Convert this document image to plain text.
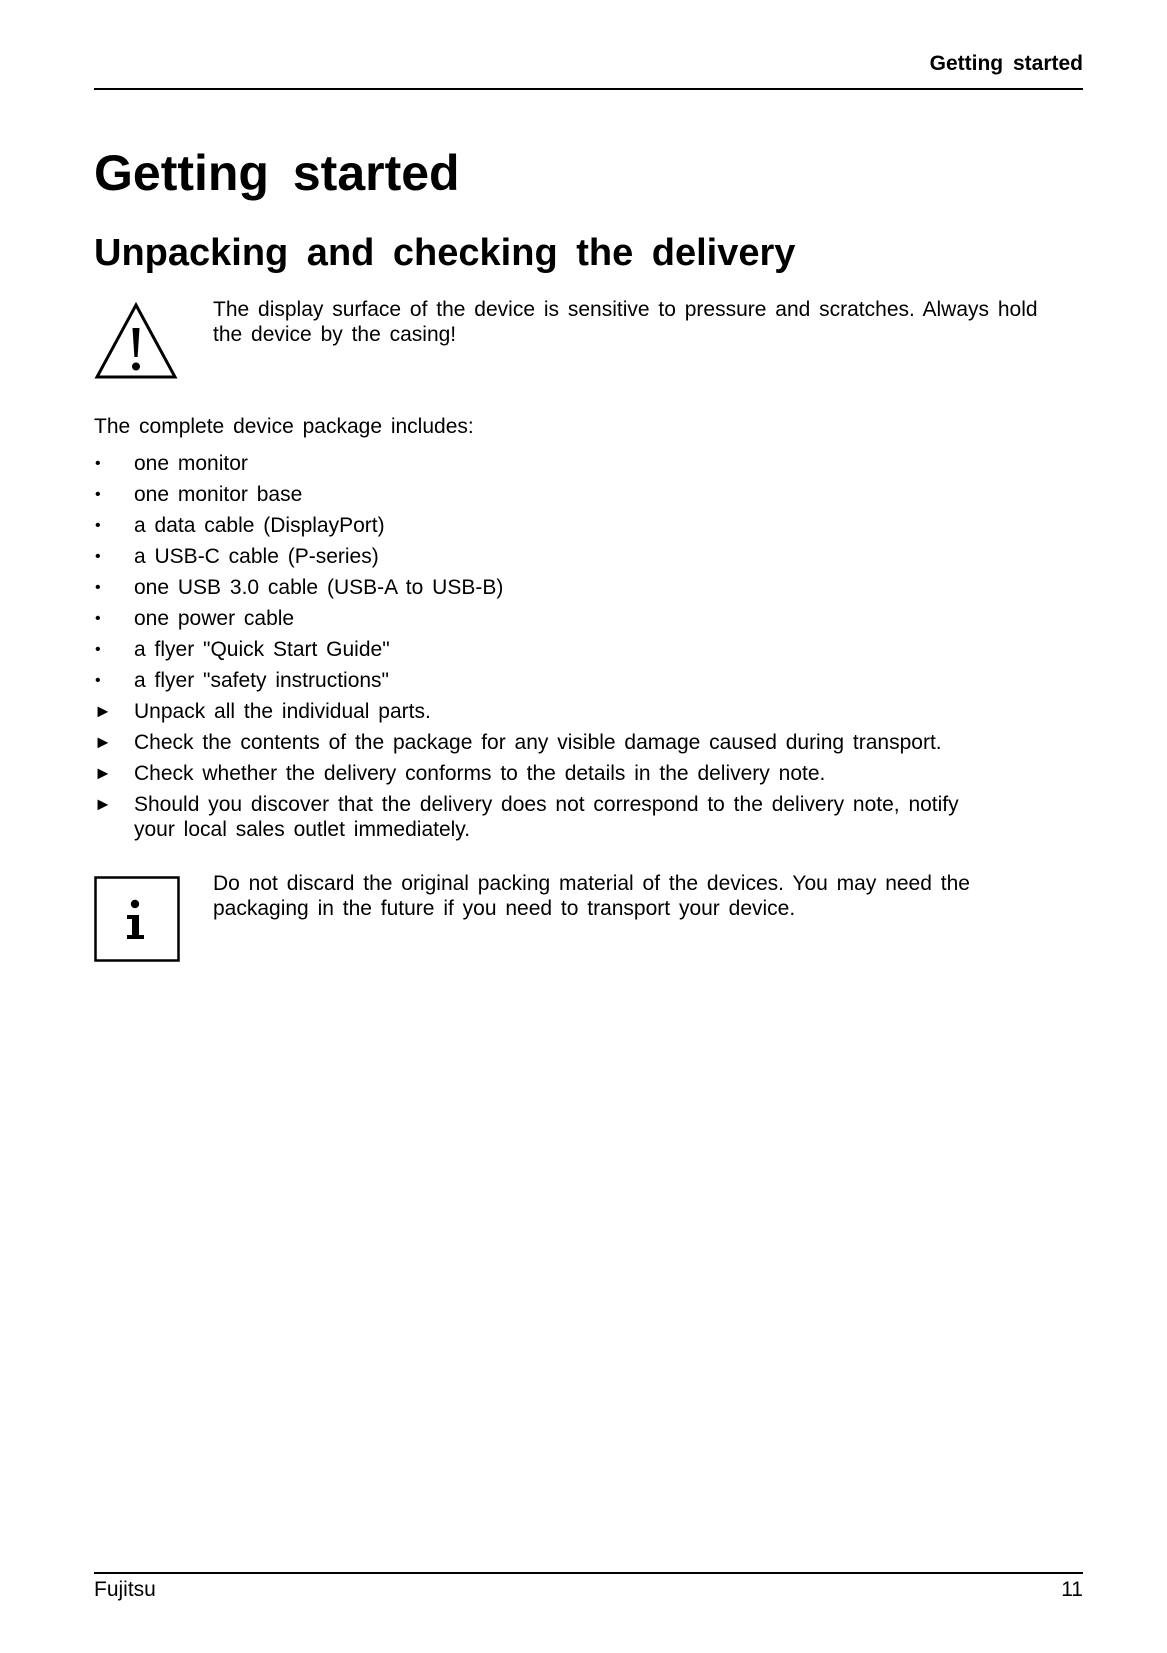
Getting started
Getting started
Unpacking and checking the delivery
The display surface of the device is sensitive to pressure and scratches. Always hold the device by the casing!
The complete device package includes:
•	one monitor
•	one monitor base
•	a data cable (DisplayPort)
•	a USB-C cable (P-series)
•	one USB 3.0 cable (USB-A to USB-B)
•	one power cable
•	a flyer "Quick Start Guide"
•	a flyer "safety instructions"
►	Unpack all the individual parts.
►	Check the contents of the package for any visible damage caused during transport.
►	Check whether the delivery conforms to the details in the delivery note.
►	Should you discover that the delivery does not correspond to the delivery note, notify your local sales outlet immediately.
Do not discard the original packing material of the devices. You may need the packaging in the future if you need to transport your device.
Fujitsu	11
